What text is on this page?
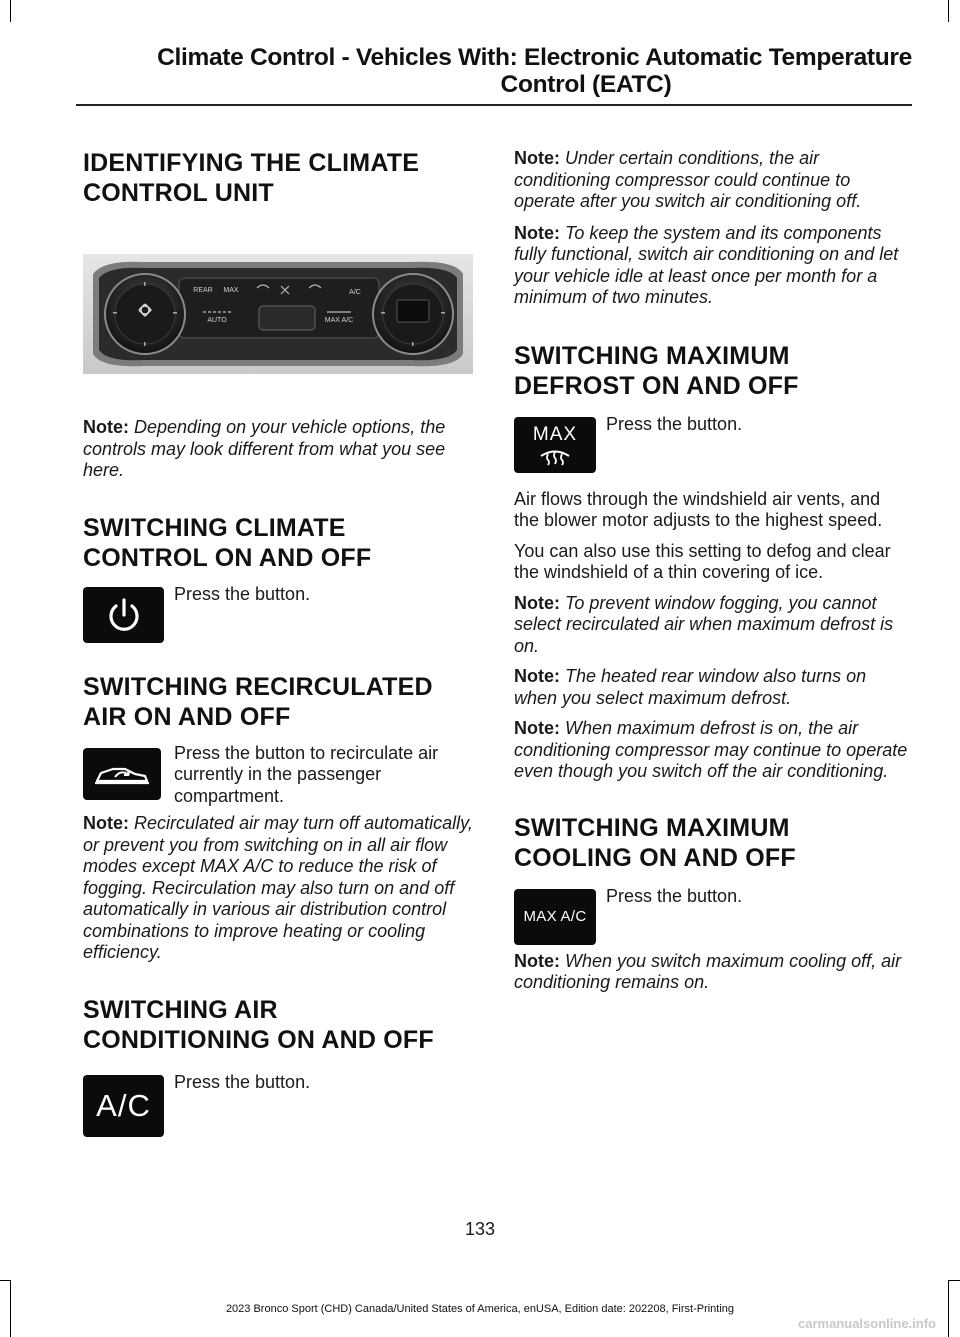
Climate Control - Vehicles With: Electronic Automatic Temperature
Control (EATC)
IDENTIFYING THE CLIMATE
CONTROL UNIT
REAR MAX	A/C
AUTO	MAX A/C

Note: Depending on your vehicle options, the controls may look different from what you see here.

SWITCHING CLIMATE
CONTROL ON AND OFF

Press the button.

SWITCHING RECIRCULATED
AIR ON AND OFF

Press the button to recirculate air currently in the passenger compartment.

Note: Recirculated air may turn off automatically, or prevent you from switching on in all air flow modes except MAX A/C to reduce the risk of fogging. Recirculation may also turn on and off automatically in various air distribution control combinations to improve heating or cooling efficiency.

SWITCHING AIR
CONDITIONING ON AND OFF
A/C

Press the button.

Note: Under certain conditions, the air conditioning compressor could continue to operate after you switch air conditioning off.

Note: To keep the system and its components fully functional, switch air conditioning on and let your vehicle idle at least once per month for a minimum of two minutes.

SWITCHING MAXIMUM
DEFROST ON AND OFF
MAX

Press the button.

Air flows through the windshield air vents, and the blower motor adjusts to the highest speed.

You can also use this setting to defog and clear the windshield of a thin covering of ice.

Note: To prevent window fogging, you cannot select recirculated air when maximum defrost is on.

Note: The heated rear window also turns on when you select maximum defrost.

Note: When maximum defrost is on, the air conditioning compressor may continue to operate even though you switch off the air conditioning.

SWITCHING MAXIMUM
COOLING ON AND OFF
MAX A/C

Press the button.

Note: When you switch maximum cooling off, air conditioning remains on.

133
2023 Bronco Sport (CHD) Canada/United States of America, enUSA, Edition date: 202208, First-Printing
carmanualsonline.info
